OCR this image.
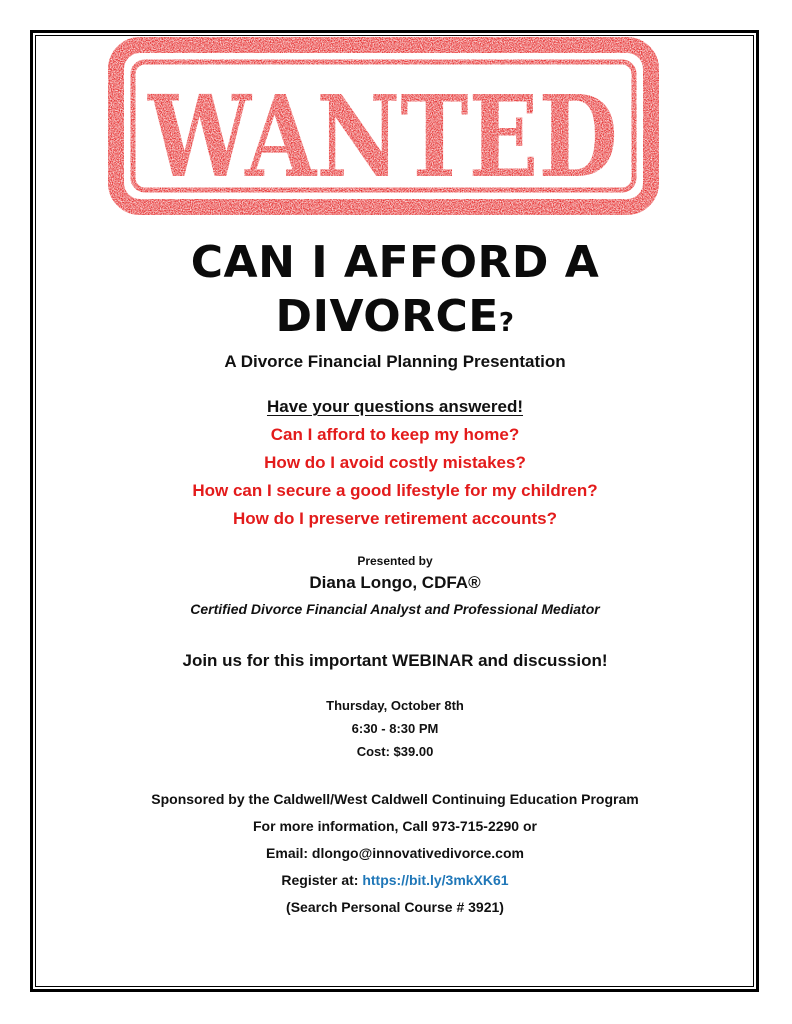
WANTED
CAN I AFFORD A
DIVORCE?
A Divorce Financial Planning Presentation
Have your questions answered!
Can I afford to keep my home?
How do I avoid costly mistakes?
How can I secure a good lifestyle for my children?
How do I preserve retirement accounts?
Presented by
Diana Longo, CDFA®
Certified Divorce Financial Analyst and Professional Mediator
Join us for this important WEBINAR and discussion!
Thursday, October 8th
6:30 - 8:30 PM
Cost: $39.00
Sponsored by the Caldwell/West Caldwell Continuing Education Program
For more information, Call 973-715-2290 or
Email: dlongo@innovativedivorce.com
Register at: https://bit.ly/3mkXK61
(Search Personal Course # 3921)
